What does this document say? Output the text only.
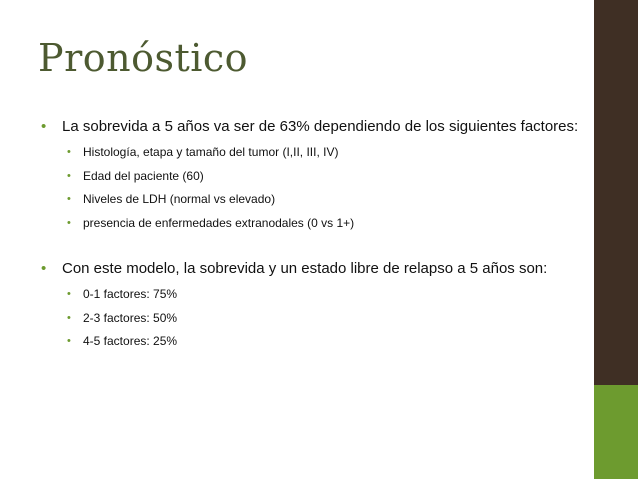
Pronóstico

• La sobrevida a 5 años va ser de 63% dependiendo de los siguientes factores:

• Histología, etapa y tamaño del tumor (I,II, III, IV)
• Edad del paciente (60)
• Niveles de LDH (normal vs elevado)
• presencia de enfermedades extranodales (0 vs 1+)

• Con este modelo, la sobrevida y un estado libre de relapso a 5 años son:

• 0-1 factores: 75%
• 2-3 factores: 50%
• 4-5 factores: 25%
